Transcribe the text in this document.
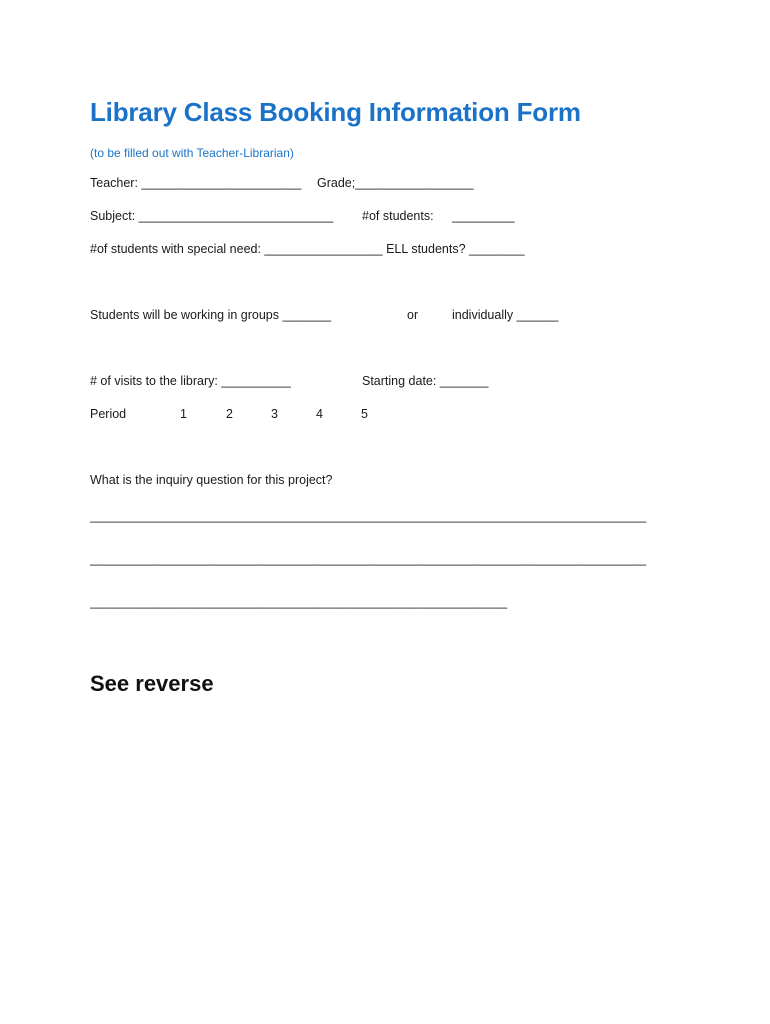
Library Class Booking Information Form
(to be filled out with Teacher-Librarian)
Teacher: _______________________ Grade;_________________
Subject: ____________________________ #of students: _________
#of students with special need: _________________ ELL students? ________
Students will be working in groups _______	or	individually ______
# of visits to the library: __________	Starting date: _______
Period	1	2	3	4	5
What is the inquiry question for this project?
________________________________________________________________________________
________________________________________________________________________________
____________________________________________________________
See reverse
